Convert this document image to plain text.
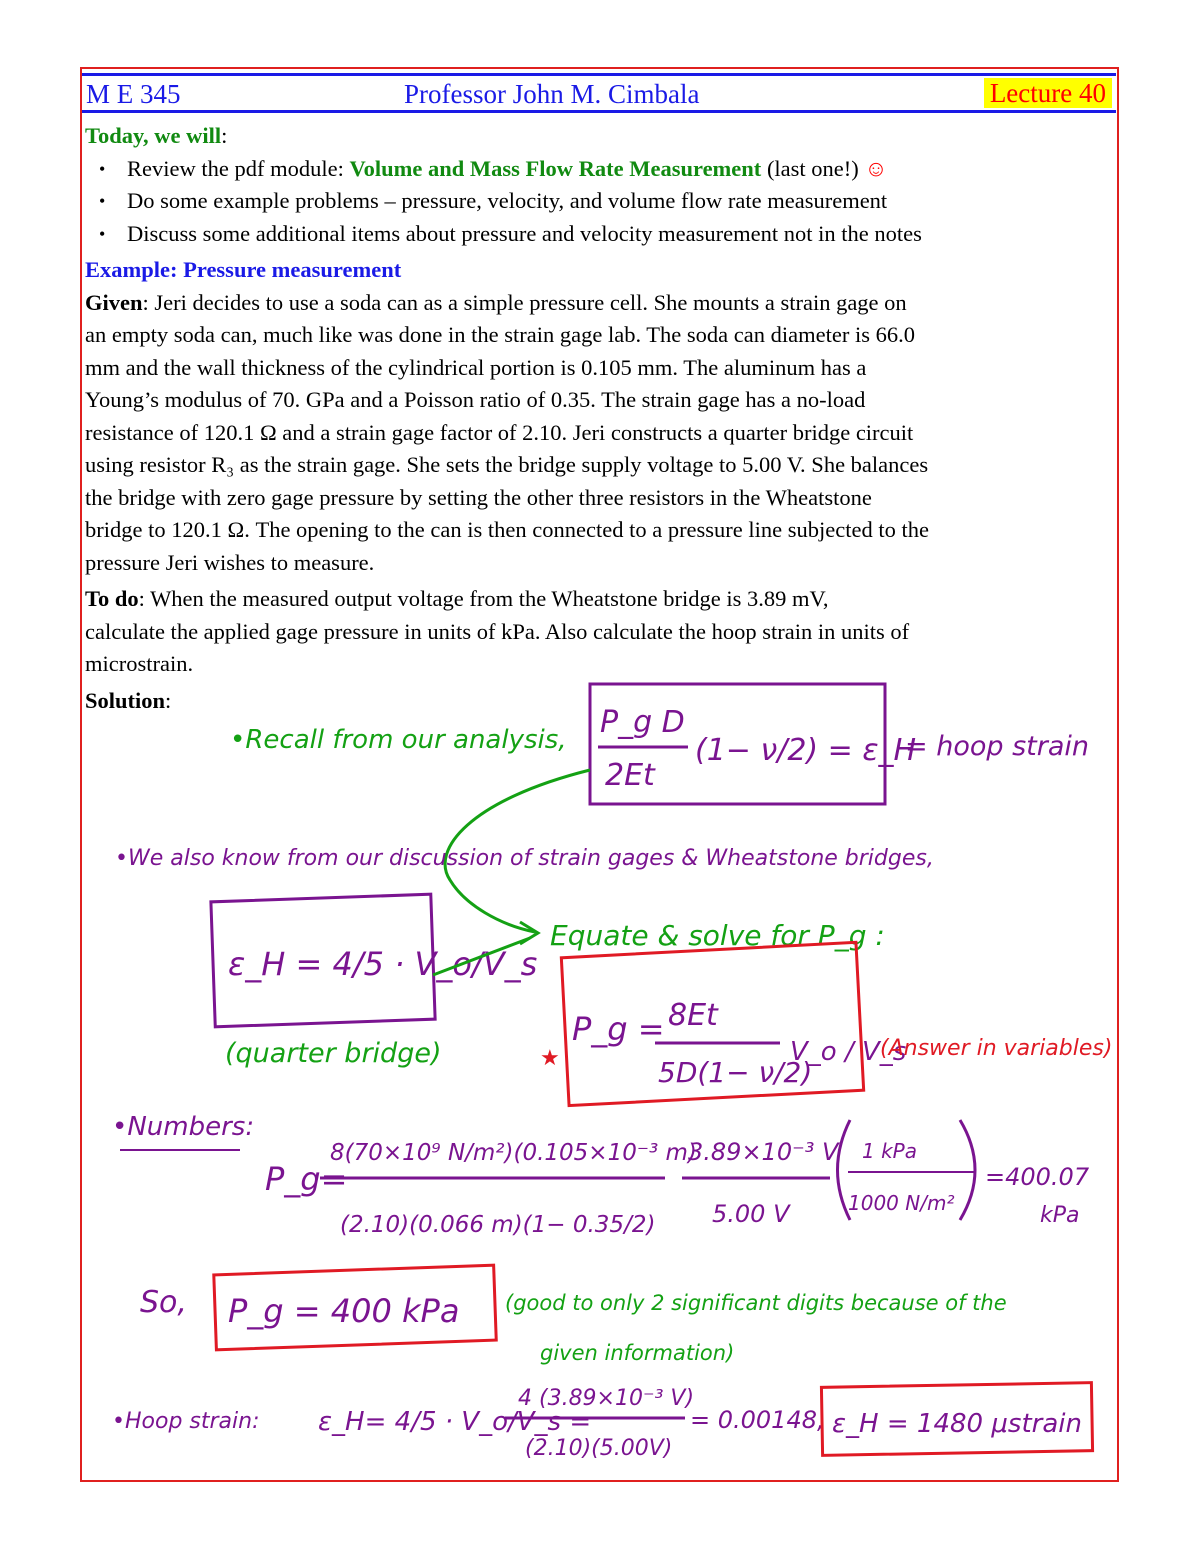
M E 345	Professor John M. Cimbala	Lecture 40
Today, we will:
• Review the pdf module: Volume and Mass Flow Rate Measurement (last one!) ☺
• Do some example problems – pressure, velocity, and volume flow rate measurement
• Discuss some additional items about pressure and velocity measurement not in the notes
Example: Pressure measurement
Given: Jeri decides to use a soda can as a simple pressure cell. She mounts a strain gage on
an empty soda can, much like was done in the strain gage lab. The soda can diameter is 66.0
mm and the wall thickness of the cylindrical portion is 0.105 mm. The aluminum has a
Young’s modulus of 70. GPa and a Poisson ratio of 0.35. The strain gage has a no-load
resistance of 120.1 Ω and a strain gage factor of 2.10. Jeri constructs a quarter bridge circuit
using resistor R₃ as the strain gage. She sets the bridge supply voltage to 5.00 V. She balances
the bridge with zero gage pressure by setting the other three resistors in the Wheatstone
bridge to 120.1 Ω. The opening to the can is then connected to a pressure line subjected to the
pressure Jeri wishes to measure.
To do: When the measured output voltage from the Wheatstone bridge is 3.89 mV,
calculate the applied gage pressure in units of kPa. Also calculate the hoop strain in units of
microstrain.
Solution:
•Recall from our analysis, P_g D
2Et
(1− ν/2) = ε_H
= hoop strain
•We also know from our discussion of strain gages & Wheatstone bridges,
ε_H = 4/5 · V_o/V_s
(quarter bridge)
Equate & solve for P_g :
★
P_g = 8Et
5D(1− ν/2)
V_o / V_s
(Answer in variables)
•Numbers:
P_g=
8(70×10⁹ N/m²)(0.105×10⁻³ m)
(2.10)(0.066 m)(1− 0.35/2)
3.89×10⁻³ V
5.00 V
1 kPa
1000 N/m²
=400.07
kPa
So, P_g = 400 kPa (good to only 2 significant digits because of the
given information)
•Hoop strain: ε_H= 4/5 · V_o/V_s =
4 (3.89×10⁻³ V)
(2.10)(5.00V)
= 0.00148, ε_H = 1480 μstrain
